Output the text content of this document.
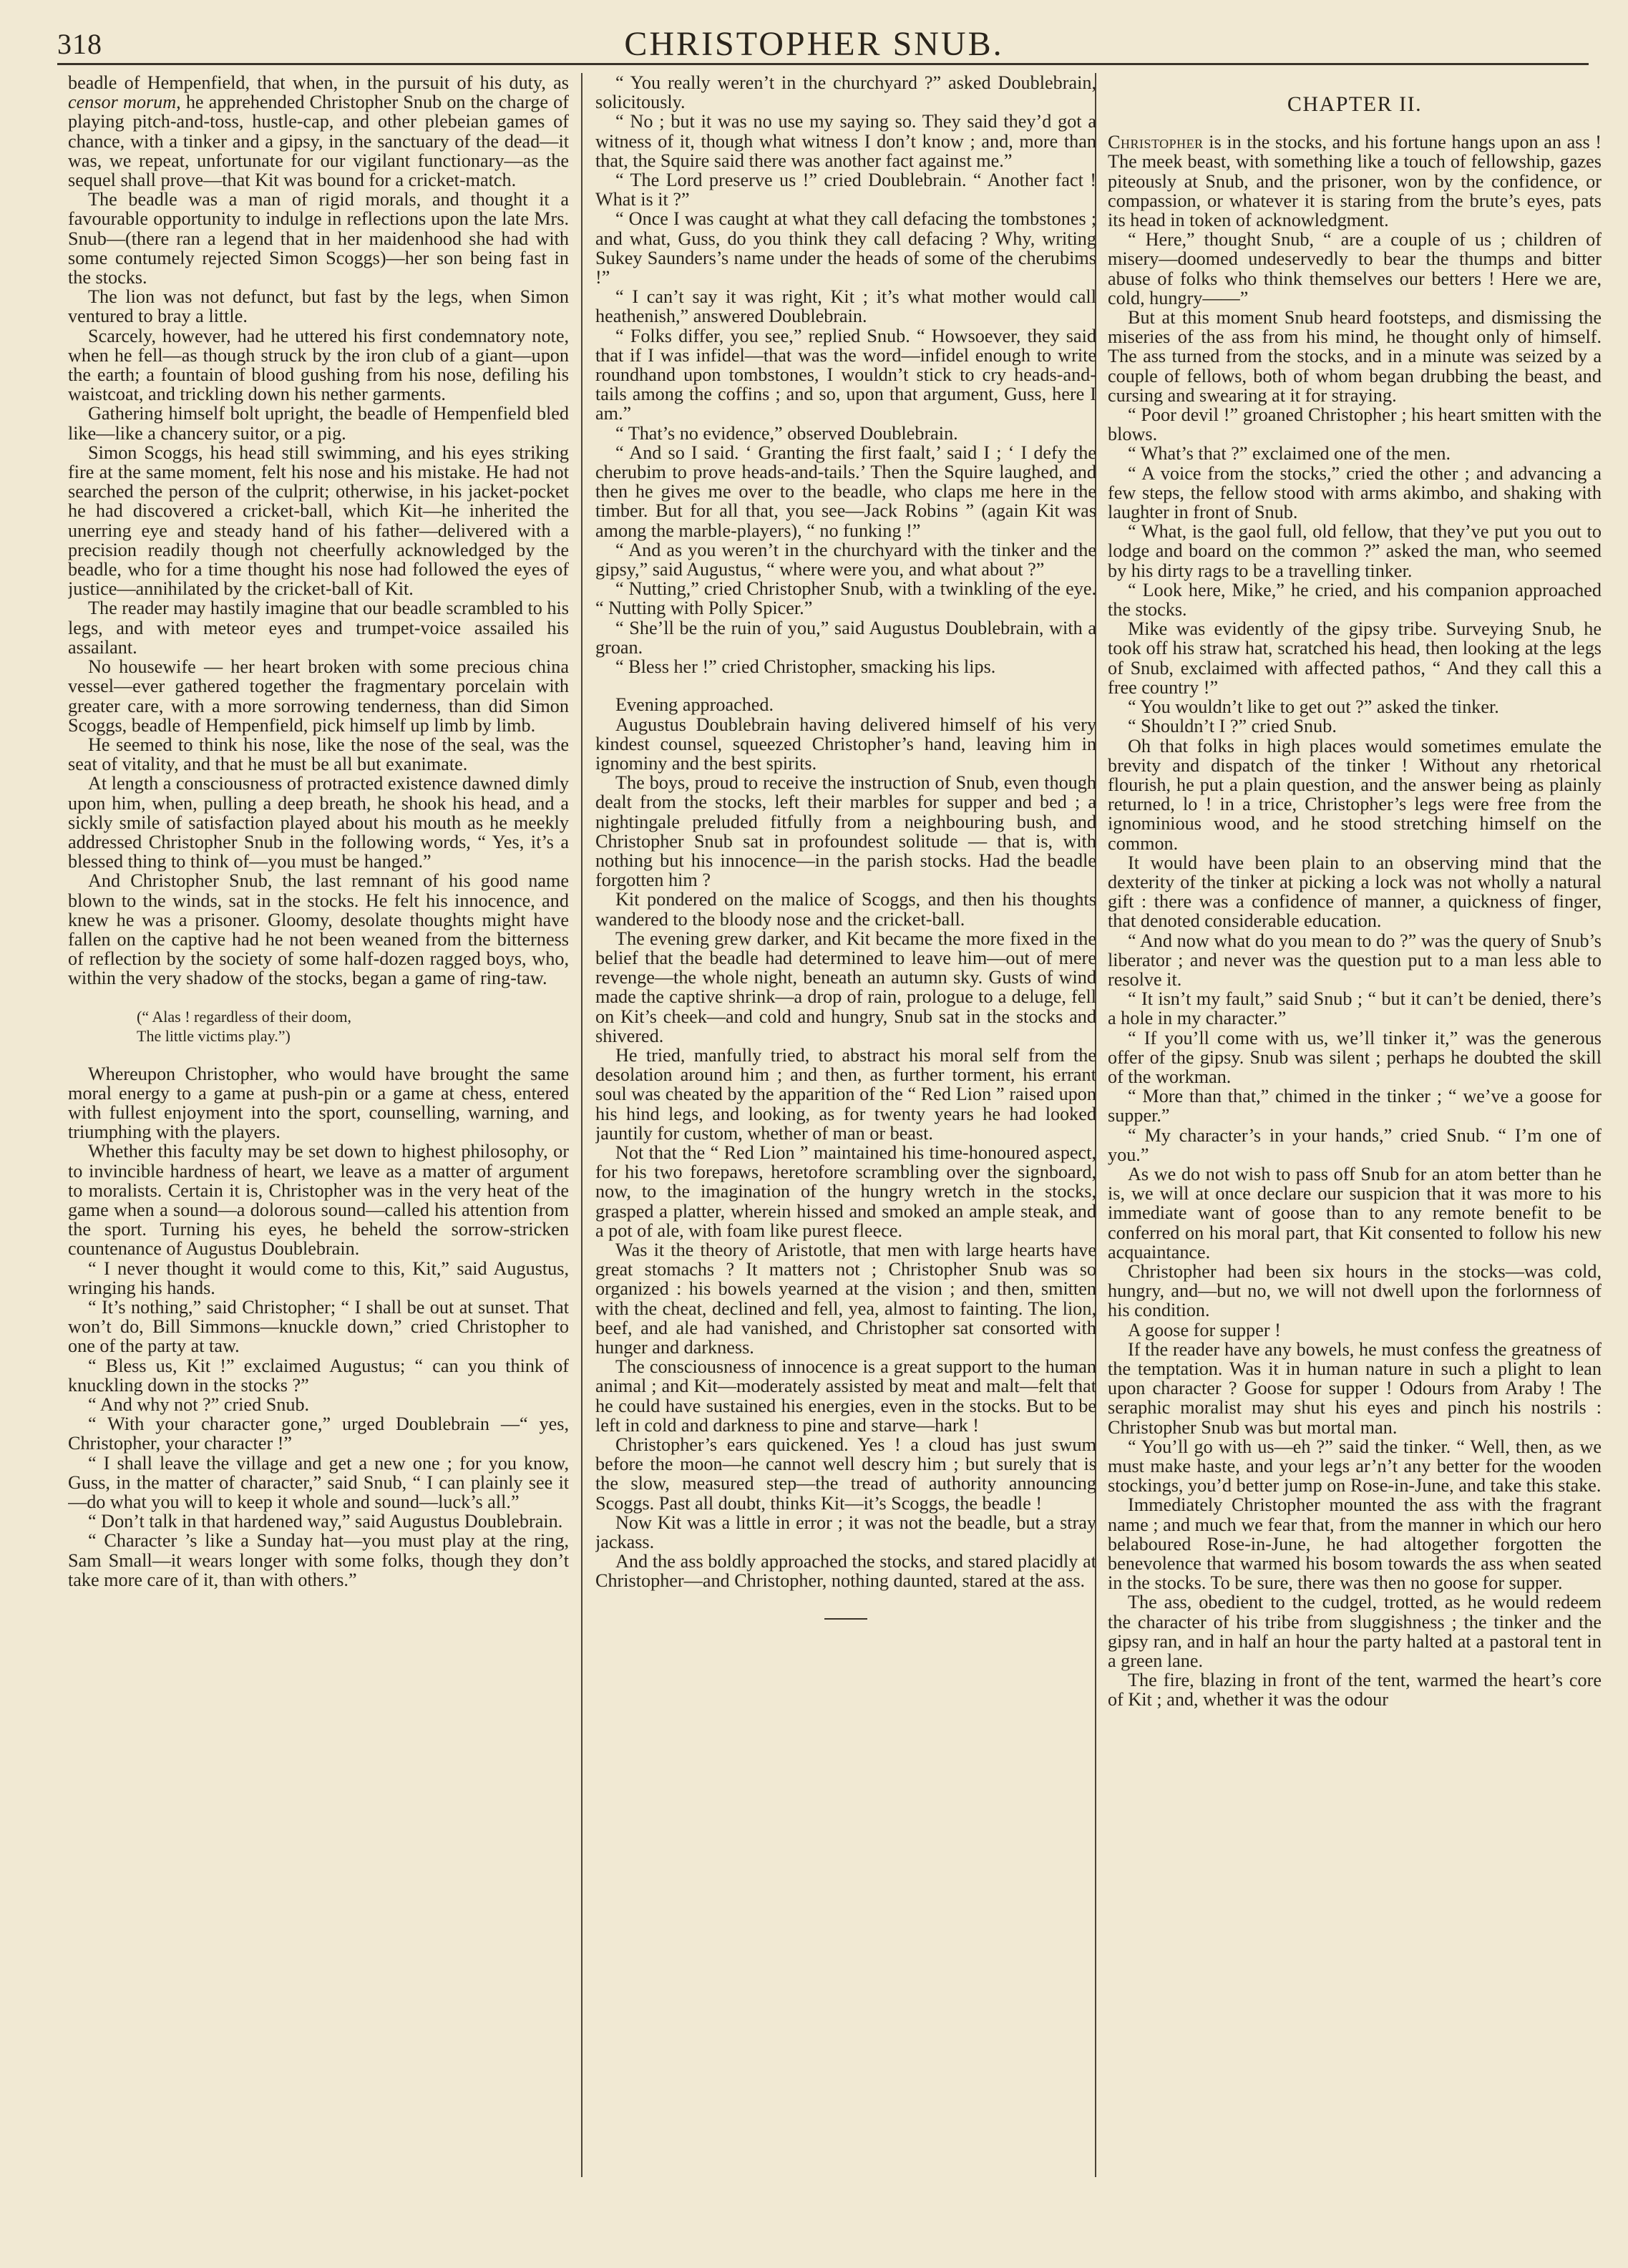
318	CHRISTOPHER SNUB.

beadle of Hempenfield, that when, in the pursuit of his duty, as censor morum, he apprehended Christopher Snub on the charge of playing pitch-and-toss, hustle-cap, and other plebeian games of chance, with a tinker and a gipsy, in the sanctuary of the dead—it was, we repeat, unfortunate for our vigilant functionary—as the sequel shall prove—that Kit was bound for a cricket-match.

The beadle was a man of rigid morals, and thought it a favourable opportunity to indulge in reflections upon the late Mrs. Snub—(there ran a legend that in her maidenhood she had with some contumely rejected Simon Scoggs)—her son being fast in the stocks.

The lion was not defunct, but fast by the legs, when Simon ventured to bray a little.

Scarcely, however, had he uttered his first condemnatory note, when he fell—as though struck by the iron club of a giant—upon the earth; a fountain of blood gushing from his nose, defiling his waistcoat, and trickling down his nether garments.

Gathering himself bolt upright, the beadle of Hempenfield bled like—like a chancery suitor, or a pig.

Simon Scoggs, his head still swimming, and his eyes striking fire at the same moment, felt his nose and his mistake. He had not searched the person of the culprit; otherwise, in his jacket-pocket he had discovered a cricket-ball, which Kit—he inherited the unerring eye and steady hand of his father—delivered with a precision readily though not cheerfully acknowledged by the beadle, who for a time thought his nose had followed the eyes of justice—annihilated by the cricket-ball of Kit.

The reader may hastily imagine that our beadle scrambled to his legs, and with meteor eyes and trumpet-voice assailed his assailant.

No housewife — her heart broken with some precious china vessel—ever gathered together the fragmentary porcelain with greater care, with a more sorrowing tenderness, than did Simon Scoggs, beadle of Hempenfield, pick himself up limb by limb.

He seemed to think his nose, like the nose of the seal, was the seat of vitality, and that he must be all but exanimate.

At length a consciousness of protracted existence dawned dimly upon him, when, pulling a deep breath, he shook his head, and a sickly smile of satisfaction played about his mouth as he meekly addressed Christopher Snub in the following words, “ Yes, it’s a blessed thing to think of—you must be hanged.”

And Christopher Snub, the last remnant of his good name blown to the winds, sat in the stocks. He felt his innocence, and knew he was a prisoner. Gloomy, desolate thoughts might have fallen on the captive had he not been weaned from the bitterness of reflection by the society of some half-dozen ragged boys, who, within the very shadow of the stocks, began a game of ring-taw.

(“ Alas ! regardless of their doom,
The little victims play.”)

Whereupon Christopher, who would have brought the same moral energy to a game at push-pin or a game at chess, entered with fullest enjoyment into the sport, counselling, warning, and triumphing with the players.

Whether this faculty may be set down to highest philosophy, or to invincible hardness of heart, we leave as a matter of argument to moralists. Certain it is, Christopher was in the very heat of the game when a sound—a dolorous sound—called his attention from the sport. Turning his eyes, he beheld the sorrow-stricken countenance of Augustus Doublebrain.

“ I never thought it would come to this, Kit,” said Augustus, wringing his hands.

“ It’s nothing,” said Christopher; “ I shall be out at sunset. That won’t do, Bill Simmons—knuckle down,” cried Christopher to one of the party at taw.

“ Bless us, Kit !” exclaimed Augustus; “ can you think of knuckling down in the stocks ?”

“ And why not ?” cried Snub.

“ With your character gone,” urged Doublebrain —“ yes, Christopher, your character !”

“ I shall leave the village and get a new one ; for you know, Guss, in the matter of character,” said Snub, “ I can plainly see it—do what you will to keep it whole and sound—luck’s all.”

“ Don’t talk in that hardened way,” said Augustus Doublebrain.

“ Character ’s like a Sunday hat—you must play at the ring, Sam Small—it wears longer with some folks, though they don’t take more care of it, than with others.”

“ You really weren’t in the churchyard ?” asked Doublebrain, solicitously.

“ No ; but it was no use my saying so. They said they’d got a witness of it, though what witness I don’t know ; and, more than that, the Squire said there was another fact against me.”

“ The Lord preserve us !” cried Doublebrain. “ Another fact ! What is it ?”

“ Once I was caught at what they call defacing the tombstones ; and what, Guss, do you think they call defacing ? Why, writing Sukey Saunders’s name under the heads of some of the cherubims !”

“ I can’t say it was right, Kit ; it’s what mother would call heathenish,” answered Doublebrain.

“ Folks differ, you see,” replied Snub. “ Howsoever, they said that if I was infidel—that was the word—infidel enough to write roundhand upon tombstones, I wouldn’t stick to cry heads-and-tails among the coffins ; and so, upon that argument, Guss, here I am.”

“ That’s no evidence,” observed Doublebrain.

“ And so I said. ‘ Granting the first faalt,’ said I ; ‘ I defy the cherubim to prove heads-and-tails.’ Then the Squire laughed, and then he gives me over to the beadle, who claps me here in the timber. But for all that, you see—Jack Robins ” (again Kit was among the marble-players), “ no funking !”

“ And as you weren’t in the churchyard with the tinker and the gipsy,” said Augustus, “ where were you, and what about ?”

“ Nutting,” cried Christopher Snub, with a twinkling of the eye. “ Nutting with Polly Spicer.”

“ She’ll be the ruin of you,” said Augustus Doublebrain, with a groan.

“ Bless her !” cried Christopher, smacking his lips.

Evening approached.

Augustus Doublebrain having delivered himself of his very kindest counsel, squeezed Christopher’s hand, leaving him in ignominy and the best spirits.

The boys, proud to receive the instruction of Snub, even though dealt from the stocks, left their marbles for supper and bed ; a nightingale preluded fitfully from a neighbouring bush, and Christopher Snub sat in profoundest solitude — that is, with nothing but his innocence—in the parish stocks. Had the beadle forgotten him ?

Kit pondered on the malice of Scoggs, and then his thoughts wandered to the bloody nose and the cricket-ball.

The evening grew darker, and Kit became the more fixed in the belief that the beadle had determined to leave him—out of mere revenge—the whole night, beneath an autumn sky. Gusts of wind made the captive shrink—a drop of rain, prologue to a deluge, fell on Kit’s cheek—and cold and hungry, Snub sat in the stocks and shivered.

He tried, manfully tried, to abstract his moral self from the desolation around him ; and then, as further torment, his errant soul was cheated by the apparition of the “ Red Lion ” raised upon his hind legs, and looking, as for twenty years he had looked jauntily for custom, whether of man or beast.

Not that the “ Red Lion ” maintained his time-honoured aspect, for his two forepaws, heretofore scrambling over the signboard, now, to the imagination of the hungry wretch in the stocks, grasped a platter, wherein hissed and smoked an ample steak, and a pot of ale, with foam like purest fleece.

Was it the theory of Aristotle, that men with large hearts have great stomachs ? It matters not ; Christopher Snub was so organized : his bowels yearned at the vision ; and then, smitten with the cheat, declined and fell, yea, almost to fainting. The lion, beef, and ale had vanished, and Christopher sat consorted with hunger and darkness.

The consciousness of innocence is a great support to the human animal ; and Kit—moderately assisted by meat and malt—felt that he could have sustained his energies, even in the stocks. But to be left in cold and darkness to pine and starve—hark !

Christopher’s ears quickened. Yes ! a cloud has just swum before the moon—he cannot well descry him ; but surely that is the slow, measured step—the tread of authority announcing Scoggs. Past all doubt, thinks Kit—it’s Scoggs, the beadle !

Now Kit was a little in error ; it was not the beadle, but a stray jackass.

And the ass boldly approached the stocks, and stared placidly at Christopher—and Christopher, nothing daunted, stared at the ass.

CHAPTER II.

Christopher is in the stocks, and his fortune hangs upon an ass ! The meek beast, with something like a touch of fellowship, gazes piteously at Snub, and the prisoner, won by the confidence, or compassion, or whatever it is staring from the brute’s eyes, pats its head in token of acknowledgment.

“ Here,” thought Snub, “ are a couple of us ; children of misery—doomed undeservedly to bear the thumps and bitter abuse of folks who think themselves our betters ! Here we are, cold, hungry——”

But at this moment Snub heard footsteps, and dismissing the miseries of the ass from his mind, he thought only of himself. The ass turned from the stocks, and in a minute was seized by a couple of fellows, both of whom began drubbing the beast, and cursing and swearing at it for straying.

“ Poor devil !” groaned Christopher ; his heart smitten with the blows.

“ What’s that ?” exclaimed one of the men.

“ A voice from the stocks,” cried the other ; and advancing a few steps, the fellow stood with arms akimbo, and shaking with laughter in front of Snub.

“ What, is the gaol full, old fellow, that they’ve put you out to lodge and board on the common ?” asked the man, who seemed by his dirty rags to be a travelling tinker.

“ Look here, Mike,” he cried, and his companion approached the stocks.

Mike was evidently of the gipsy tribe. Surveying Snub, he took off his straw hat, scratched his head, then looking at the legs of Snub, exclaimed with affected pathos, “ And they call this a free country !”

“ You wouldn’t like to get out ?” asked the tinker.

“ Shouldn’t I ?” cried Snub.

Oh that folks in high places would sometimes emulate the brevity and dispatch of the tinker ! Without any rhetorical flourish, he put a plain question, and the answer being as plainly returned, lo ! in a trice, Christopher’s legs were free from the ignominious wood, and he stood stretching himself on the common.

It would have been plain to an observing mind that the dexterity of the tinker at picking a lock was not wholly a natural gift : there was a confidence of manner, a quickness of finger, that denoted considerable education.

“ And now what do you mean to do ?” was the query of Snub’s liberator ; and never was the question put to a man less able to resolve it.

“ It isn’t my fault,” said Snub ; “ but it can’t be denied, there’s a hole in my character.”

“ If you’ll come with us, we’ll tinker it,” was the generous offer of the gipsy. Snub was silent ; perhaps he doubted the skill of the workman.

“ More than that,” chimed in the tinker ; “ we’ve a goose for supper.”

“ My character’s in your hands,” cried Snub. “ I’m one of you.”

As we do not wish to pass off Snub for an atom better than he is, we will at once declare our suspicion that it was more to his immediate want of goose than to any remote benefit to be conferred on his moral part, that Kit consented to follow his new acquaintance.

Christopher had been six hours in the stocks—was cold, hungry, and—but no, we will not dwell upon the forlornness of his condition.

A goose for supper !

If the reader have any bowels, he must confess the greatness of the temptation. Was it in human nature in such a plight to lean upon character ? Goose for supper ! Odours from Araby ! The seraphic moralist may shut his eyes and pinch his nostrils : Christopher Snub was but mortal man.

“ You’ll go with us—eh ?” said the tinker. “ Well, then, as we must make haste, and your legs ar’n’t any better for the wooden stockings, you’d better jump on Rose-in-June, and take this stake.

Immediately Christopher mounted the ass with the fragrant name ; and much we fear that, from the manner in which our hero belaboured Rose-in-June, he had altogether forgotten the benevolence that warmed his bosom towards the ass when seated in the stocks. To be sure, there was then no goose for supper.

The ass, obedient to the cudgel, trotted, as he would redeem the character of his tribe from sluggishness ; the tinker and the gipsy ran, and in half an hour the party halted at a pastoral tent in a green lane.

The fire, blazing in front of the tent, warmed the heart’s core of Kit ; and, whether it was the odour
